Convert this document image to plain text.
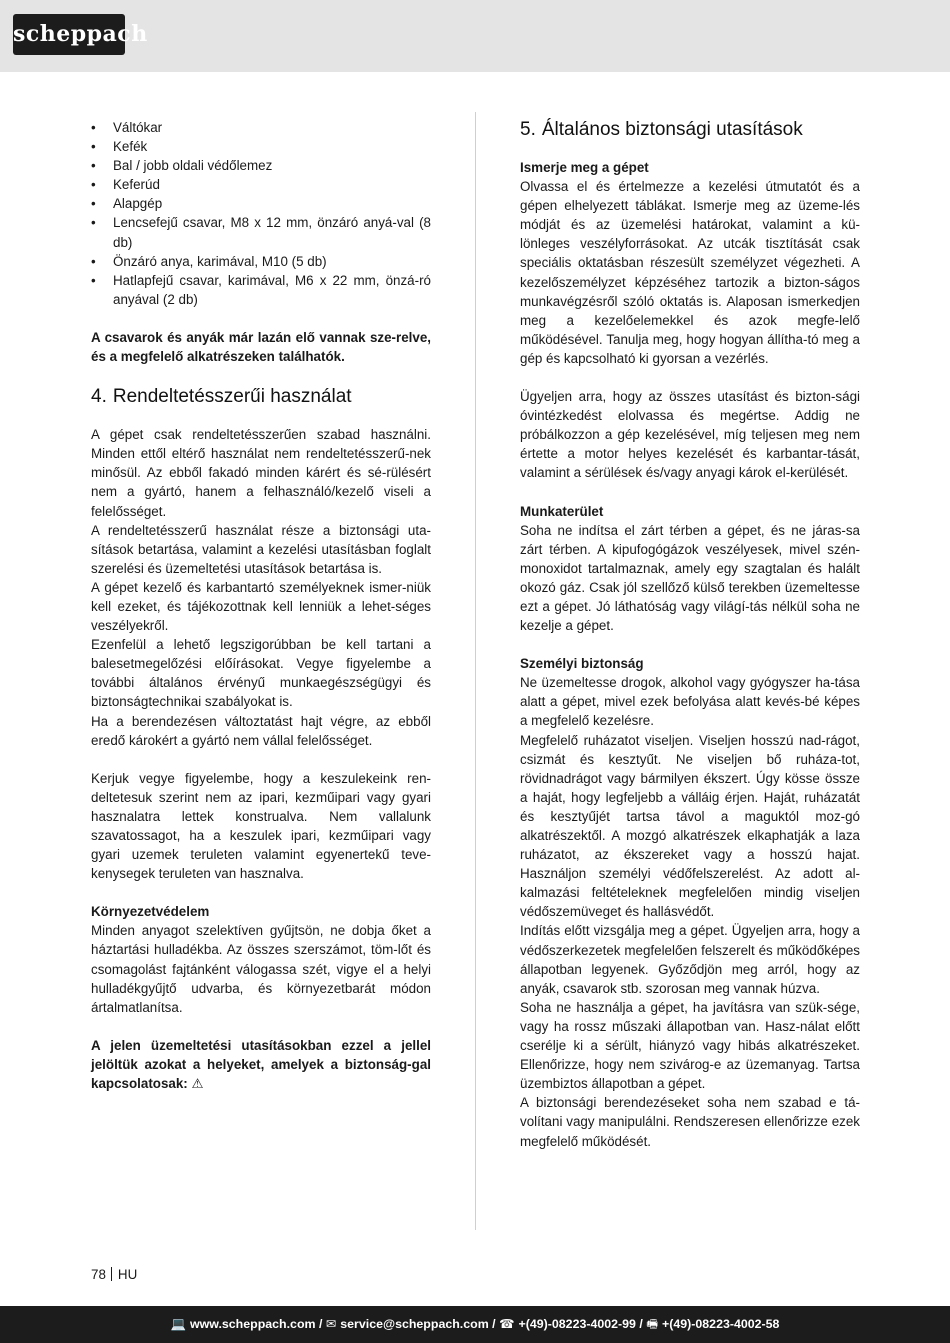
scheppach
• Váltókar
• Kefék
• Bal / jobb oldali védőlemez
• Keferúd
• Alapgép
• Lencsefejű csavar, M8 x 12 mm, önzáró anyá-val (8 db)
• Önzáró anya, karimával, M10 (5 db)
• Hatlapfejű csavar, karimával, M6 x 22 mm, önzá-ró anyával (2 db)

A csavarok és anyák már lazán elő vannak sze-relve, és a megfelelő alkatrészeken találhatók.

4. Rendeltetésszerűi használat

A gépet csak rendeltetésszerűen szabad használni. Minden ettől eltérő használat nem rendeltetésszerű-nek minősül. Az ebből fakadó minden kárért és sé-rülésért nem a gyártó, hanem a felhasználó/kezelő viseli a felelősséget.

A rendeltetésszerű használat része a biztonsági uta-sítások betartása, valamint a kezelési utasításban foglalt szerelési és üzemeltetési utasítások betartása is.

A gépet kezelő és karbantartó személyeknek ismer-niük kell ezeket, és tájékozottnak kell lenniük a lehet-séges veszélyekről.

Ezenfelül a lehető legszigorúbban be kell tartani a balesetmegelőzési előírásokat. Vegye figyelembe a további általános érvényű munkaegészségügyi és biztonságtechnikai szabályokat is.

Ha a berendezésen változtatást hajt végre, az ebből eredő károkért a gyártó nem vállal felelősséget.

Kerjuk vegye figyelembe, hogy a keszulekeink ren-deltetesuk szerint nem az ipari, kezműipari vagy gyari hasznalatra lettek konstrualva. Nem vallalunk szavatossagot, ha a keszulek ipari, kezműipari vagy gyari uzemek teruleten valamint egyenertekű teve-kenysegek teruleten van hasznalva.

Környezetvédelem

Minden anyagot szelektíven gyűjtsön, ne dobja őket a háztartási hulladékba. Az összes szerszámot, töm-lőt és csomagolást fajtánként válogassa szét, vigye el a helyi hulladékgyűjtő udvarba, és környezetbarát módon ártalmatlanítsa.

A jelen üzemeltetési utasításokban ezzel a jellel jelöltük azokat a helyeket, amelyek a biztonság-gal kapcsolatosak: ⚠

5. Általános biztonsági utasítások

Ismerje meg a gépet

Olvassa el és értelmezze a kezelési útmutatót és a gépen elhelyezett táblákat. Ismerje meg az üzeme-lés módját és az üzemelési határokat, valamint a kü-lönleges veszélyforrásokat. Az utcák tisztítását csak speciális oktatásban részesült személyzet végezheti. A kezelőszemélyzet képzéséhez tartozik a bizton-ságos munkavégzésről szóló oktatás is. Alaposan ismerkedjen meg a kezelőelemekkel és azok megfe-lelő működésével. Tanulja meg, hogy hogyan állítha-tó meg a gép és kapcsolható ki gyorsan a vezérlés.

Ügyeljen arra, hogy az összes utasítást és bizton-sági óvintézkedést elolvassa és megértse. Addig ne próbálkozzon a gép kezelésével, míg teljesen meg nem értette a motor helyes kezelését és karbantar-tását, valamint a sérülések és/vagy anyagi károk el-kerülését.

Munkaterület

Soha ne indítsa el zárt térben a gépet, és ne járas-sa zárt térben. A kipufogógázok veszélyesek, mivel szén-monoxidot tartalmaznak, amely egy szagtalan és halált okozó gáz. Csak jól szellőző külső terekben üzemeltesse ezt a gépet. Jó láthatóság vagy világí-tás nélkül soha ne kezelje a gépet.

Személyi biztonság

Ne üzemeltesse drogok, alkohol vagy gyógyszer ha-tása alatt a gépet, mivel ezek befolyása alatt kevés-bé képes a megfelelő kezelésre.

Megfelelő ruházatot viseljen. Viseljen hosszú nad-rágot, csizmát és kesztyűt. Ne viseljen bő ruháza-tot, rövidnadrágot vagy bármilyen ékszert. Úgy kösse össze a haját, hogy legfeljebb a válláig érjen. Haját, ruházatát és kesztyűjét tartsa távol a maguktól moz-gó alkatrészektől. A mozgó alkatrészek elkaphatják a laza ruházatot, az ékszereket vagy a hosszú hajat. Használjon személyi védőfelszerelést. Az adott al-kalmazási feltételeknek megfelelően mindig viseljen védőszemüveget és hallásvédőt.

Indítás előtt vizsgálja meg a gépet. Ügyeljen arra, hogy a védőszerkezetek megfelelően felszerelt és működőképes állapotban legyenek. Győződjön meg arról, hogy az anyák, csavarok stb. szorosan meg vannak húzva.

Soha ne használja a gépet, ha javításra van szük-sége, vagy ha rossz műszaki állapotban van. Hasz-nálat előtt cserélje ki a sérült, hiányzó vagy hibás alkatrészeket. Ellenőrizze, hogy nem szivárog-e az üzemanyag. Tartsa üzembiztos állapotban a gépet.

A biztonsági berendezéseket soha nem szabad e tá-volítani vagy manipulálni. Rendszeresen ellenőrizze ezek megfelelő működését.

78 HU
💻 www.scheppach.com / ✉ service@scheppach.com / ☎ +(49)-08223-4002-99 / 🖷 +(49)-08223-4002-58
